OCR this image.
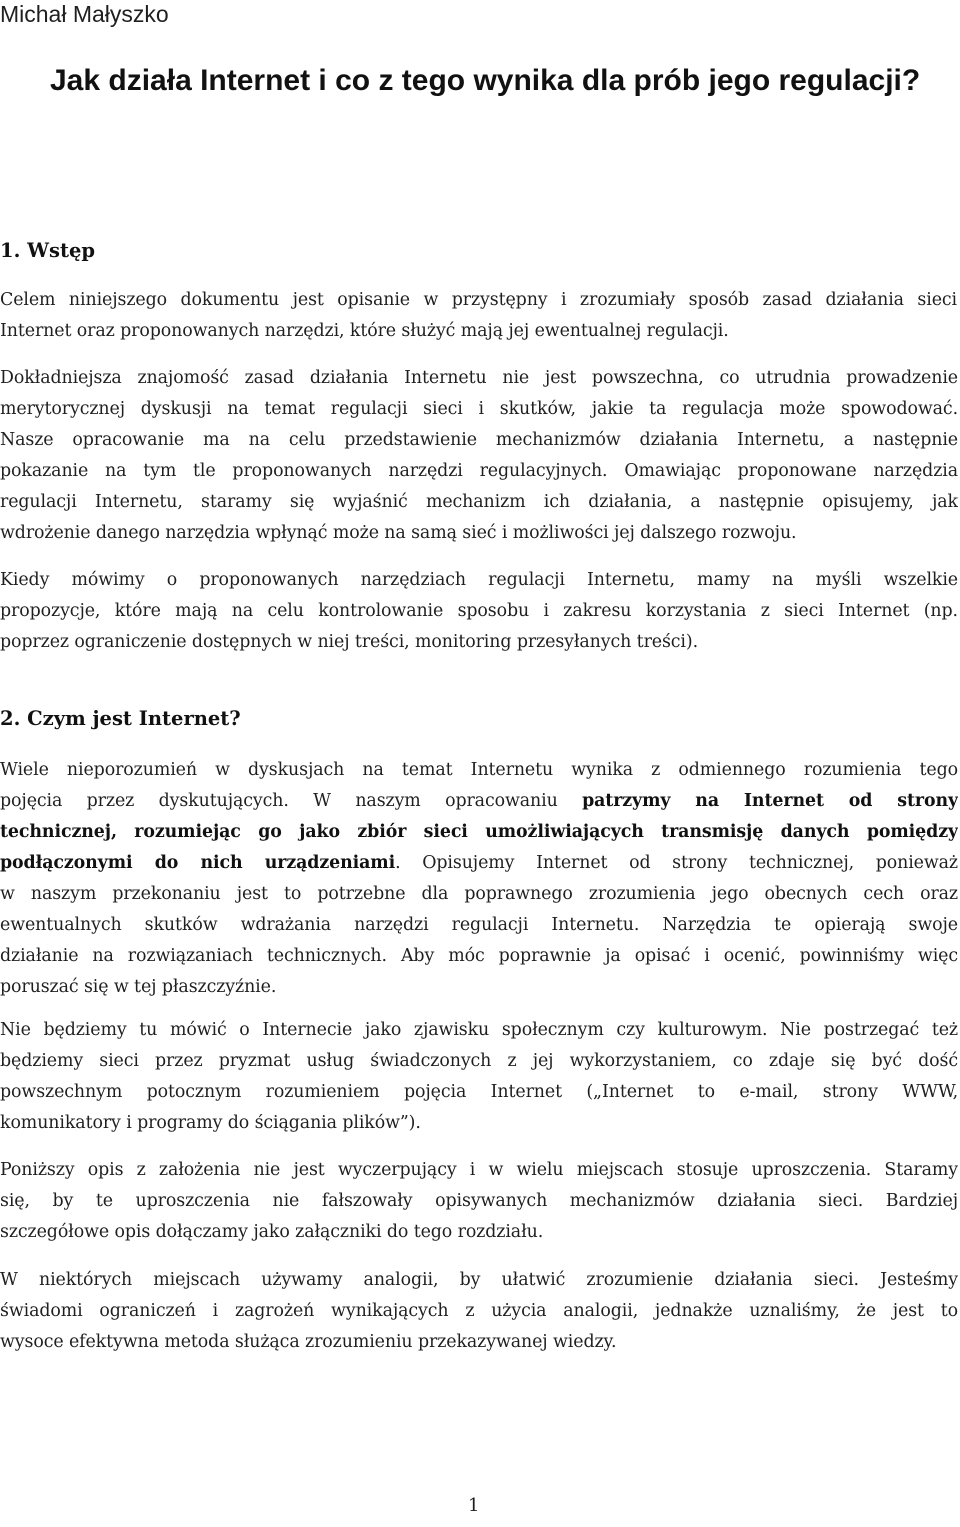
Michał Małyszko
Jak działa Internet i co z tego wynika dla prób jego regulacji?
1. Wstęp

Celem niniejszego dokumentu jest opisanie w przystępny i zrozumiały sposób zasad działania sieci
Internet oraz proponowanych narzędzi, które służyć mają jej ewentualnej regulacji.

Dokładniejsza znajomość zasad działania Internetu nie jest powszechna, co utrudnia prowadzenie
merytorycznej dyskusji na temat regulacji sieci i skutków, jakie ta regulacja może spowodować.
Nasze opracowanie ma na celu przedstawienie mechanizmów działania Internetu, a następnie
pokazanie na tym tle proponowanych narzędzi regulacyjnych. Omawiając proponowane narzędzia
regulacji Internetu, staramy się wyjaśnić mechanizm ich działania, a następnie opisujemy, jak
wdrożenie danego narzędzia wpłynąć może na samą sieć i możliwości jej dalszego rozwoju.

Kiedy mówimy o proponowanych narzędziach regulacji Internetu, mamy na myśli wszelkie
propozycje, które mają na celu kontrolowanie sposobu i zakresu korzystania z sieci Internet (np.
poprzez ograniczenie dostępnych w niej treści, monitoring przesyłanych treści).

2. Czym jest Internet?

Wiele nieporozumień w dyskusjach na temat Internetu wynika z odmiennego rozumienia tego
pojęcia przez dyskutujących. W naszym opracowaniu patrzymy na Internet od strony
technicznej, rozumiejąc go jako zbiór sieci umożliwiających transmisję danych pomiędzy
podłączonymi do nich urządzeniami. Opisujemy Internet od strony technicznej, ponieważ
w naszym przekonaniu jest to potrzebne dla poprawnego zrozumienia jego obecnych cech oraz
ewentualnych skutków wdrażania narzędzi regulacji Internetu. Narzędzia te opierają swoje
działanie na rozwiązaniach technicznych. Aby móc poprawnie ja opisać i ocenić, powinniśmy więc
poruszać się w tej płaszczyźnie.

Nie będziemy tu mówić o Internecie jako zjawisku społecznym czy kulturowym. Nie postrzegać też
będziemy sieci przez pryzmat usług świadczonych z jej wykorzystaniem, co zdaje się być dość
powszechnym potocznym rozumieniem pojęcia Internet („Internet to e-mail, strony WWW,
komunikatory i programy do ściągania plików”).

Poniższy opis z założenia nie jest wyczerpujący i w wielu miejscach stosuje uproszczenia. Staramy
się, by te uproszczenia nie fałszowały opisywanych mechanizmów działania sieci. Bardziej
szczegółowe opis dołączamy jako załączniki do tego rozdziału.

W niektórych miejscach używamy analogii, by ułatwić zrozumienie działania sieci. Jesteśmy
świadomi ograniczeń i zagrożeń wynikających z użycia analogii, jednakże uznaliśmy, że jest to
wysoce efektywna metoda służąca zrozumieniu przekazywanej wiedzy.

1
